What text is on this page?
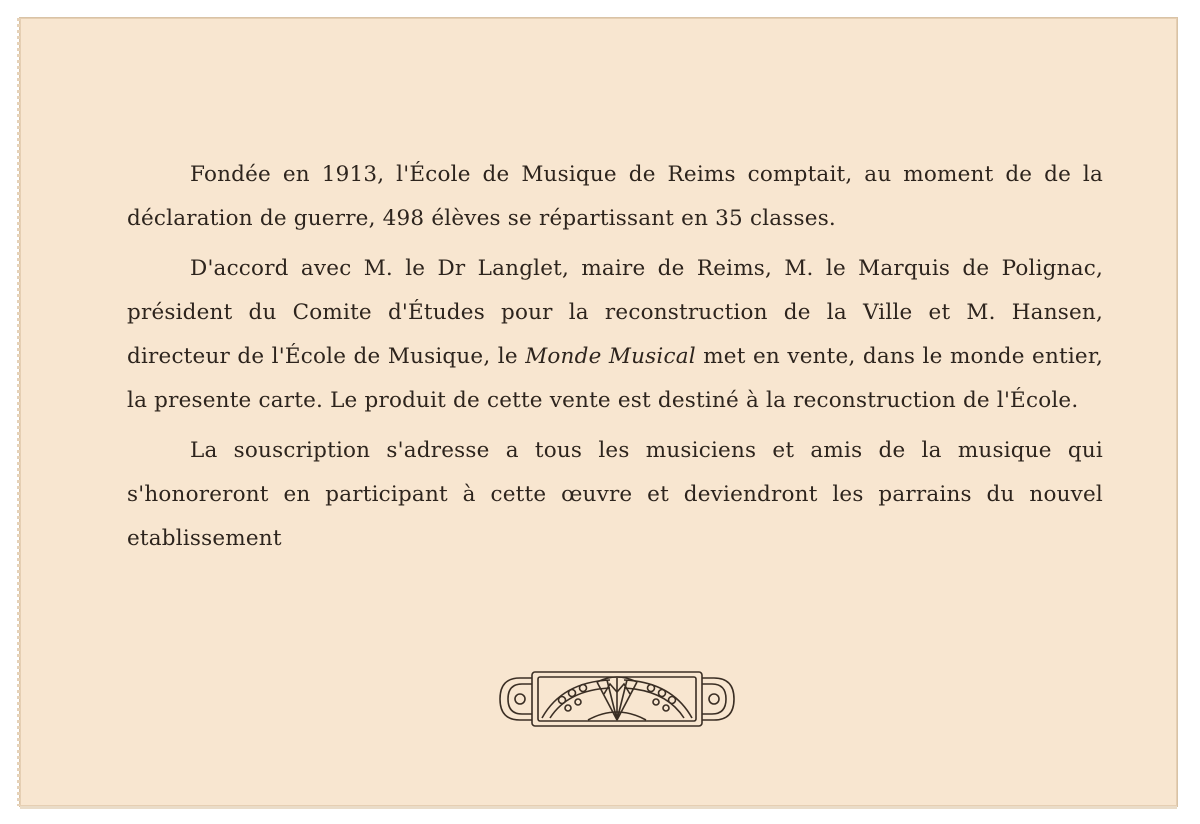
Fondée en 1913, l'École de Musique de Reims comptait, au moment de de la déclaration de guerre, 498 élèves se répartissant en 35 classes.

D'accord avec M. le Dr Langlet, maire de Reims, M. le Marquis de Polignac, président du Comite d'Études pour la reconstruction de la Ville et M. Hansen, directeur de l'École de Musique, le Monde Musical met en vente, dans le monde entier, la presente carte. Le produit de cette vente est destiné à la reconstruction de l'École.

La souscription s'adresse a tous les musiciens et amis de la musique qui s'honoreront en participant à cette œuvre et deviendront les parrains du nouvel etablissement
